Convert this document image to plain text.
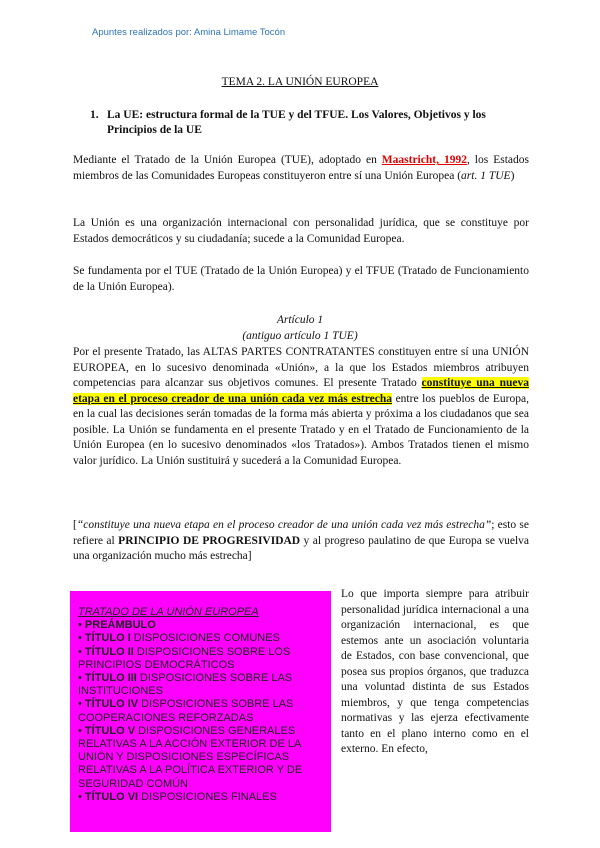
Apuntes realizados por: Amina Limame Tocón
TEMA 2. LA UNIÓN EUROPEA
1. La UE: estructura formal de la TUE y del TFUE. Los Valores, Objetivos y los Principios de la UE
Mediante el Tratado de la Unión Europea (TUE), adoptado en Maastricht, 1992, los Estados miembros de las Comunidades Europeas constituyeron entre sí una Unión Europea (art. 1 TUE)
La Unión es una organización internacional con personalidad jurídica, que se constituye por Estados democráticos y su ciudadanía; sucede a la Comunidad Europea.
Se fundamenta por el TUE (Tratado de la Unión Europea) y el TFUE (Tratado de Funcionamiento de la Unión Europea).
Artículo 1
(antiguo artículo 1 TUE)
Por el presente Tratado, las ALTAS PARTES CONTRATANTES constituyen entre sí una UNIÓN EUROPEA, en lo sucesivo denominada «Unión», a la que los Estados miembros atribuyen competencias para alcanzar sus objetivos comunes. El presente Tratado constituye una nueva etapa en el proceso creador de una unión cada vez más estrecha entre los pueblos de Europa, en la cual las decisiones serán tomadas de la forma más abierta y próxima a los ciudadanos que sea posible. La Unión se fundamenta en el presente Tratado y en el Tratado de Funcionamiento de la Unión Europea (en lo sucesivo denominados «los Tratados»). Ambos Tratados tienen el mismo valor jurídico. La Unión sustituirá y sucederá a la Comunidad Europea.
[“constituye una nueva etapa en el proceso creador de una unión cada vez más estrecha”; esto se refiere al PRINCIPIO DE PROGRESIVIDAD y al progreso paulatino de que Europa se vuelva una organización mucho más estrecha]
TRATADO DE LA UNIÓN EUROPEA
• PREÁMBULO
• TÍTULO I DISPOSICIONES COMUNES
• TÍTULO II DISPOSICIONES SOBRE LOS PRINCIPIOS DEMOCRÁTICOS
• TÍTULO III DISPOSICIONES SOBRE LAS INSTITUCIONES
• TÍTULO IV DISPOSICIONES SOBRE LAS COOPERACIONES REFORZADAS
• TÍTULO V DISPOSICIONES GENERALES RELATIVAS A LA ACCIÓN EXTERIOR DE LA UNIÓN Y DISPOSICIONES ESPECÍFICAS RELATIVAS A LA POLÍTICA EXTERIOR Y DE SEGURIDAD COMÚN
• TÍTULO VI DISPOSICIONES FINALES
Lo que importa siempre para atribuir personalidad jurídica internacional a una organización internacional, es que estemos ante un asociación voluntaria de Estados, con base convencional, que posea sus propios órganos, que traduzca una voluntad distinta de sus Estados miembros, y que tenga competencias normativas y las ejerza efectivamente tanto en el plano interno como en el externo. En efecto,
